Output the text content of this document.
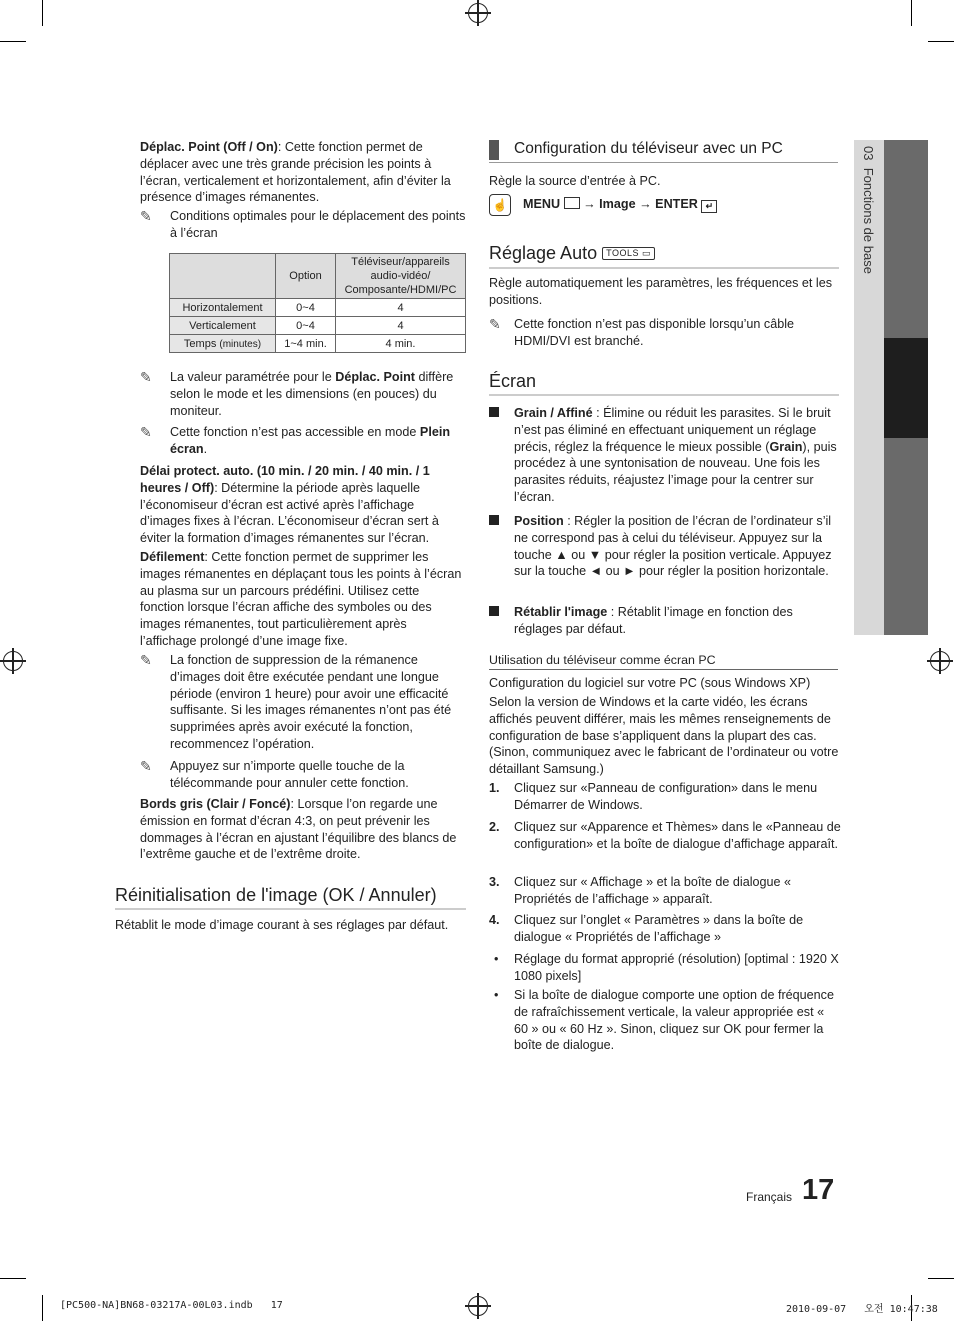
Déplac. Point (Off / On): Cette fonction permet de déplacer avec une très grande précision les points à l’écran, verticalement et horizontalement, afin d’éviter la présence d’images rémanentes.

✎ Conditions optimales pour le déplacement des points à l’écran
	Option	Téléviseur/appareils audio-vidéo/ Composante/HDMI/PC
Horizontalement	0~4	4
Verticalement	0~4	4
Temps (minutes)	1~4 min.	4 min.
✎ La valeur paramétrée pour le Déplac. Point diffère selon le mode et les dimensions (en pouces) du moniteur.
✎ Cette fonction n’est pas accessible en mode Plein écran.

Délai protect. auto. (10 min. / 20 min. / 40 min. / 1 heures / Off): Détermine la période après laquelle l’économiseur d’écran est activé après l’affichage d’images fixes à l’écran. L’économiseur d’écran sert à éviter la formation d’images rémanentes sur l’écran.

Défilement: Cette fonction permet de supprimer les images rémanentes en déplaçant tous les points à l’écran au plasma sur un parcours prédéfini. Utilisez cette fonction lorsque l’écran affiche des symboles ou des images rémanentes, tout particulièrement après l’affichage prolongé d’une image fixe.

✎ La fonction de suppression de la rémanence d’images doit être exécutée pendant une longue période (environ 1 heure) pour avoir une efficacité suffisante. Si les images rémanentes n’ont pas été supprimées après avoir exécuté la fonction, recommencez l’opération.
✎ Appuyez sur n’importe quelle touche de la télécommande pour annuler cette fonction.

Bords gris (Clair / Foncé): Lorsque l’on regarde une émission en format d’écran 4:3, on peut prévenir les dommages à l’écran en ajustant l’équilibre des blancs de l’extrême gauche et de l’extrême droite.

Réinitialisation de l'image (OK / Annuler)
Rétablit le mode d’image courant à ses réglages par défaut.
Configuration du téléviseur avec un PC
Règle la source d’entrée à PC.
☝ MENU → Image → ENTER ↵
Réglage Auto TOOLS ▭

Règle automatiquement les paramètres, les fréquences et les positions.

✎ Cette fonction n’est pas disponible lorsqu’un câble HDMI/DVI est branché.
Écran
Grain / Affiné : Élimine ou réduit les parasites. Si le bruit n’est pas éliminé en effectuant uniquement un réglage précis, réglez la fréquence le mieux possible (Grain), puis procédez à une syntonisation de nouveau. Une fois les parasites réduits, réajustez l’image pour la centrer sur l’écran.
Position : Régler la position de l’écran de l’ordinateur s’il ne correspond pas à celui du téléviseur. Appuyez sur la touche ▲ ou ▼ pour régler la position verticale. Appuyez sur la touche ◄ ou ► pour régler la position horizontale.
Rétablir l'image : Rétablit l’image en fonction des réglages par défaut.
Utilisation du téléviseur comme écran PC

Configuration du logiciel sur votre PC (sous Windows XP)

Selon la version de Windows et la carte vidéo, les écrans affichés peuvent différer, mais les mêmes renseignements de configuration de base s’appliquent dans la plupart des cas. (Sinon, communiquez avec le fabricant de l’ordinateur ou votre détaillant Samsung.)

1. Cliquez sur «Panneau de configuration» dans le menu Démarrer de Windows.
2. Cliquez sur «Apparence et Thèmes» dans le «Panneau de configuration» et la boîte de dialogue d’affichage apparaît.
3. Cliquez sur « Affichage » et la boîte de dialogue « Propriétés de l’affichage » apparaît.
4. Cliquez sur l’onglet « Paramètres » dans la boîte de dialogue « Propriétés de l’affichage »
• Réglage du format approprié (résolution) [optimal : 1920 X 1080 pixels]
• Si la boîte de dialogue comporte une option de fréquence de rafraîchissement verticale, la valeur appropriée est « 60 » ou « 60 Hz ». Sinon, cliquez sur OK pour fermer la boîte de dialogue.
03  Fonctions de base
Français 17
[PC500-NA]BN68-03217A-00L03.indb   17	2010-09-07   오전 10:47:38
